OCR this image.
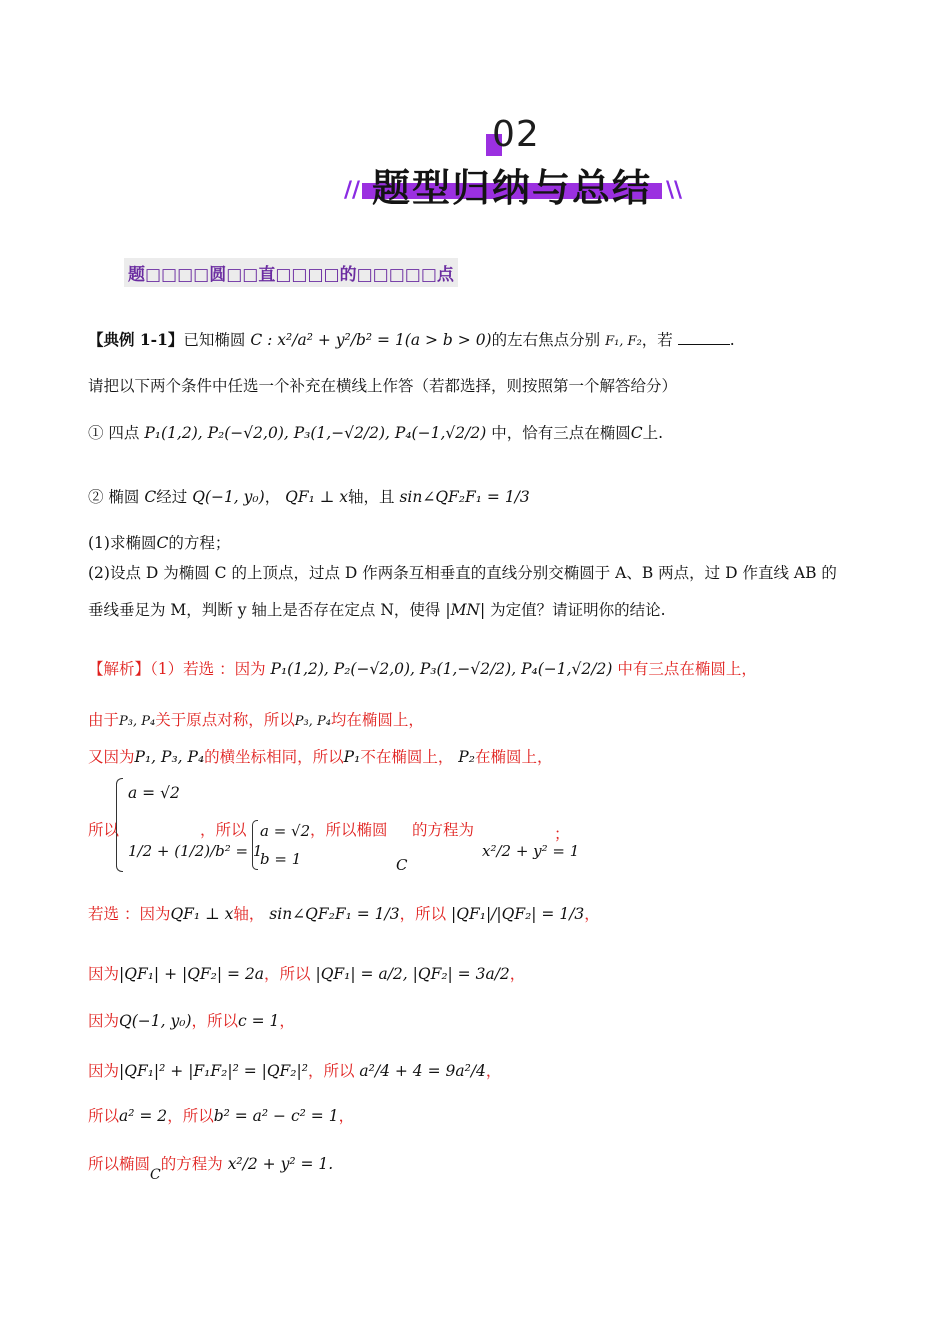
02
题型归纳与总结
//	\\
题□□□□圆□□直□□□□的□□□□□点
【典例 1-1】已知椭圆 C : x²/a² + y²/b² = 1(a > b > 0)的左右焦点分别 F₁, F₂，若	.
请把以下两个条件中任选一个补充在横线上作答（若都选择，则按照第一个解答给分）
① 四点 P₁(1,2), P₂(−√2,0), P₃(1,−√2/2), P₄(−1,√2/2) 中，恰有三点在椭圆C上.
② 椭圆 C经过 Q(−1, y₀)， QF₁ ⊥ x轴，且 sin∠QF₂F₁ = 1/3
(1)求椭圆C的方程；
(2)设点 D 为椭圆 C 的上顶点，过点 D 作两条互相垂直的直线分别交椭圆于 A、B 两点，过 D 作直线 AB 的
垂线垂足为 M，判断 y 轴上是否存在定点 N，使得 |MN| 为定值？请证明你的结论.
【解析】（1）若选 ：因为 P₁(1,2), P₂(−√2,0), P₃(1,−√2/2), P₄(−1,√2/2) 中有三点在椭圆上，
由于P₃, P₄关于原点对称，所以P₃, P₄均在椭圆上，
又因为P₁, P₃, P₄的横坐标相同，所以P₁不在椭圆上， P₂在椭圆上，
所以
a = √2
1/2 + (1/2)/b² = 1
，所以 a = √2
b = 1
，所以椭圆
C
的方程为
x²/2 + y² = 1
；
若选 ：因为QF₁ ⊥ x轴， sin∠QF₂F₁ = 1/3，所以 |QF₁|/|QF₂| = 1/3，
因为|QF₁| + |QF₂| = 2a，所以 |QF₁| = a/2, |QF₂| = 3a/2，
因为Q(−1, y₀)，所以c = 1，
因为|QF₁|² + |F₁F₂|² = |QF₂|²，所以 a²/4 + 4 = 9a²/4，
所以a² = 2，所以b² = a² − c² = 1，
所以椭圆C的方程为 x²/2 + y² = 1.
